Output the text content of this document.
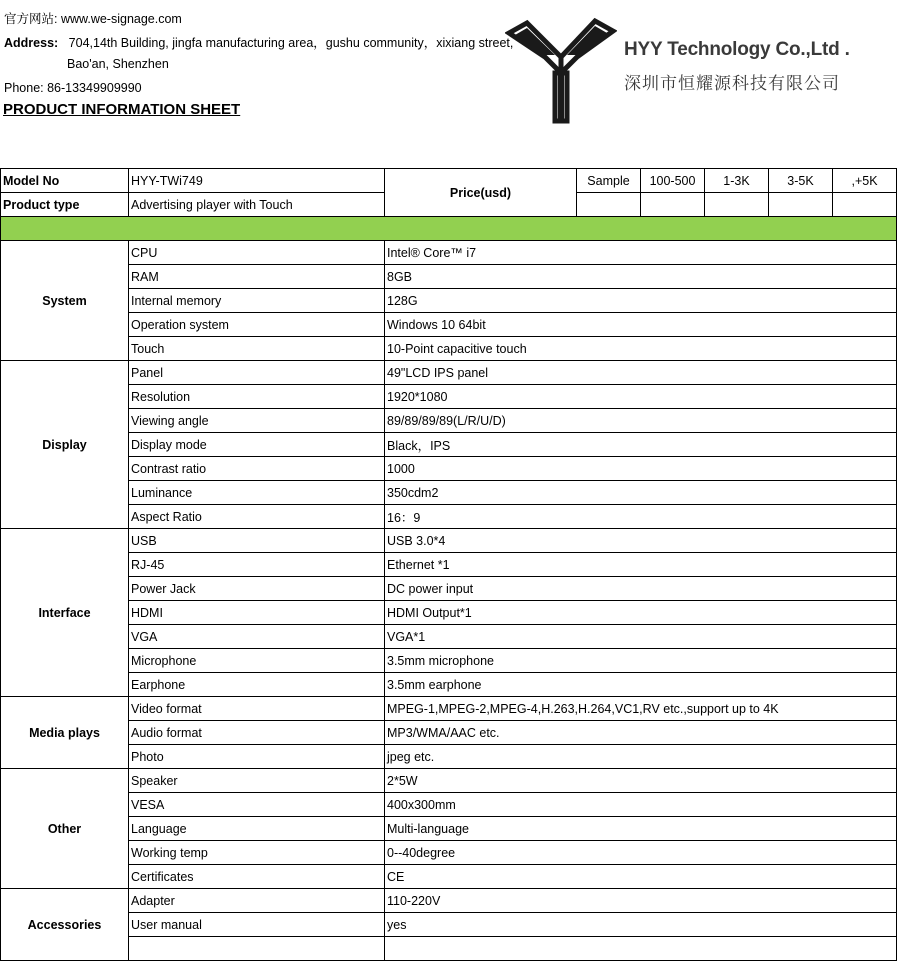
官方网站: www.we-signage.com
Address: 704,14th Building, jingfa manufacturing area，gushu community，xixiang street,
Bao'an, Shenzhen
Phone: 86-13349909990
PRODUCT INFORMATION SHEET
HYY Technology Co.,Ltd .
深圳市恒耀源科技有限公司
Model No	HYY-TWi749	Price(usd)	Sample	100-500	1-3K	3-5K	,+5K
Product type	Advertising player with Touch						

System	CPU	Intel® Core™ i7					
	RAM	8GB					
	Internal memory	128G					
	Operation system	Windows 10 64bit					
	Touch	10-Point capacitive touch					
Display	Panel	49"LCD IPS panel					
	Resolution	1920*1080					
	Viewing angle	89/89/89/89(L/R/U/D)					
	Display mode	Black，IPS					
	Contrast ratio	1000					
	Luminance	350cdm2					
	Aspect Ratio	16：9					
Interface	USB	USB 3.0*4					
	RJ-45	Ethernet *1					
	Power Jack	DC power input					
	HDMI	HDMI Output*1					
	VGA	VGA*1					
	Microphone	3.5mm microphone					
	Earphone	3.5mm earphone					
Media plays	Video format	MPEG-1,MPEG-2,MPEG-4,H.263,H.264,VC1,RV etc.,support up to 4K					
	Audio format	MP3/WMA/AAC etc.					
	Photo	jpeg etc.					
Other	Speaker	2*5W					
	VESA	400x300mm					
	Language	Multi-language					
	Working temp	0--40degree					
	Certificates	CE					
Accessories	Adapter	110-220V					
	User manual	yes					
